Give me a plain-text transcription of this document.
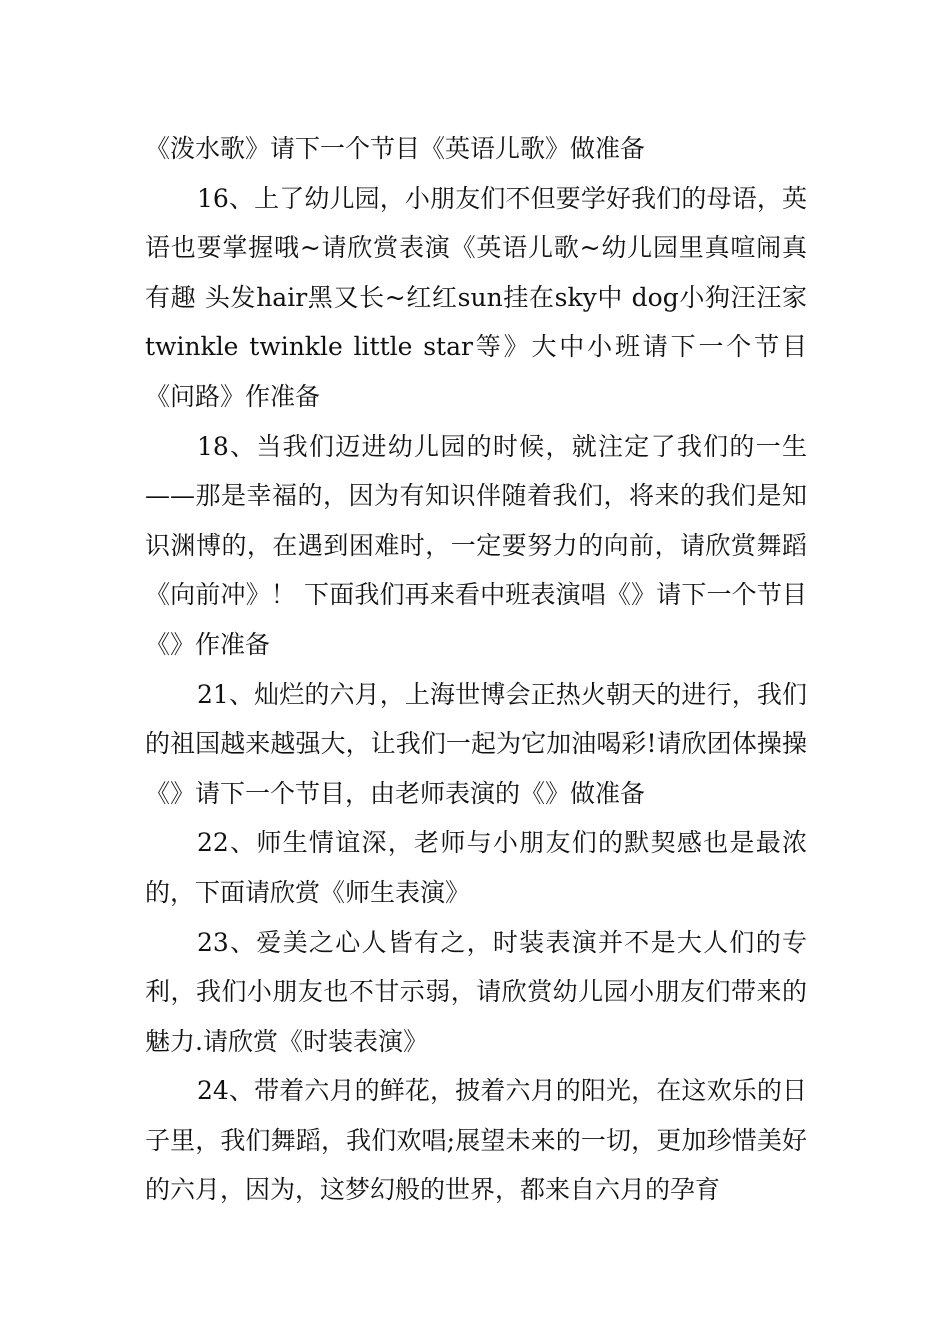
《泼水歌》请下一个节目《英语儿歌》做准备

16、上了幼儿园，小朋友们不但要学好我们的母语，英语也要掌握哦~请欣赏表演《英语儿歌~幼儿园里真喧闹真有趣 头发hair黑又长~红红sun挂在sky中 dog小狗汪汪家 twinkle twinkle little star等》大中小班请下一个节目《问路》作准备

18、当我们迈进幼儿园的时候，就注定了我们的一生——那是幸福的，因为有知识伴随着我们，将来的我们是知识渊博的，在遇到困难时，一定要努力的向前，请欣赏舞蹈《向前冲》！ 下面我们再来看中班表演唱《》请下一个节目《》作准备

21、灿烂的六月，上海世博会正热火朝天的进行，我们的祖国越来越强大，让我们一起为它加油喝彩!请欣团体操操《》请下一个节目，由老师表演的《》做准备

22、师生情谊深，老师与小朋友们的默契感也是最浓的，下面请欣赏《师生表演》

23、爱美之心人皆有之，时装表演并不是大人们的专利，我们小朋友也不甘示弱，请欣赏幼儿园小朋友们带来的魅力.请欣赏《时装表演》

24、带着六月的鲜花，披着六月的阳光，在这欢乐的日子里，我们舞蹈，我们欢唱;展望未来的一切，更加珍惜美好的六月，因为，这梦幻般的世界，都来自六月的孕育
